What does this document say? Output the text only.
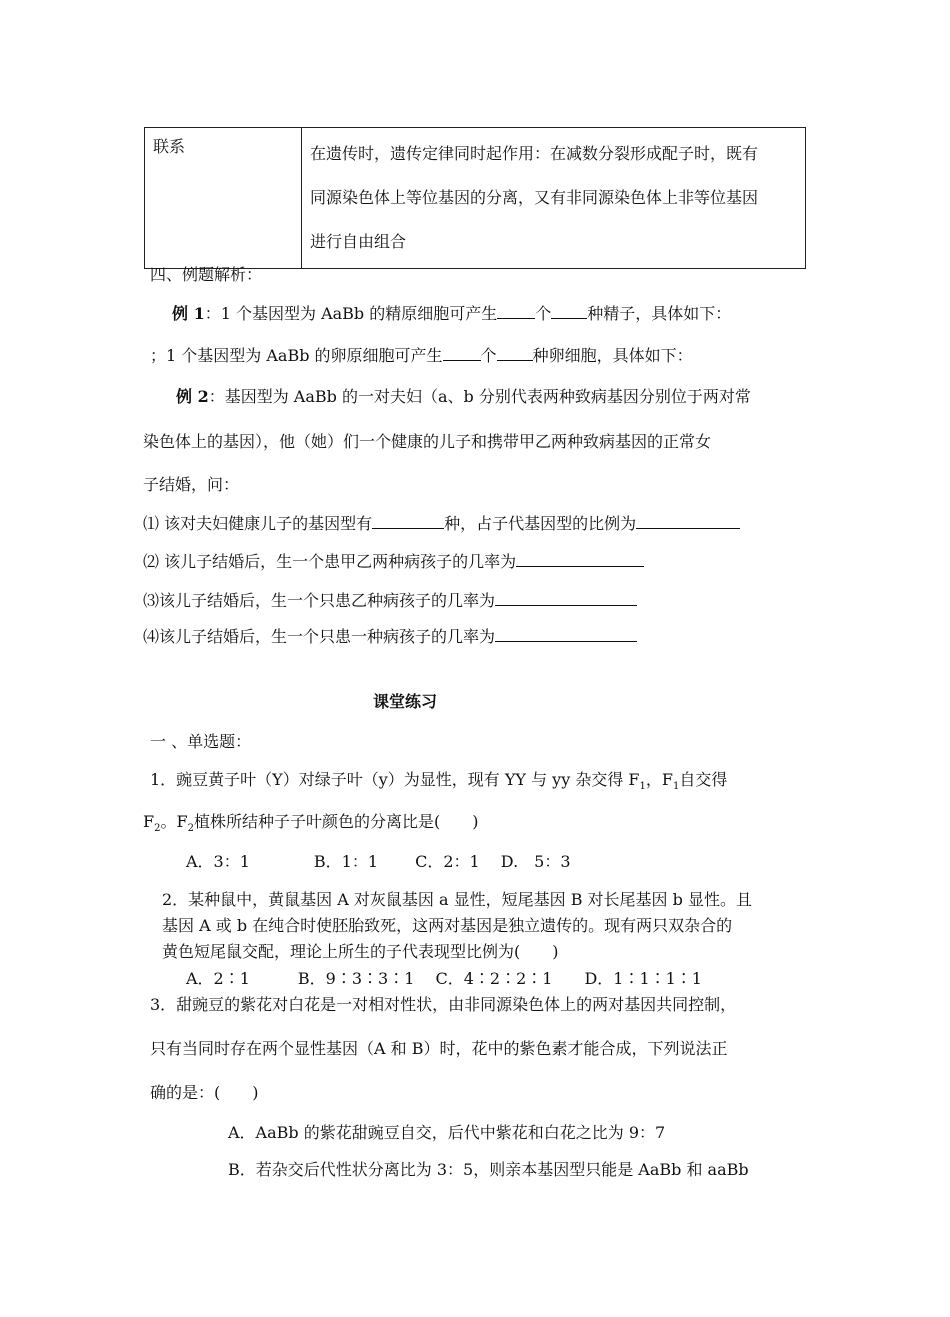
联系	在遗传时，遗传定律同时起作用：在减数分裂形成配子时，既有
同源染色体上等位基因的分离，又有非同源染色体上非等位基因
进行自由组合
四、例题解析：
例 1：1 个基因型为 AaBb 的精原细胞可产生 个 种精子，具体如下：
；1 个基因型为 AaBb 的卵原细胞可产生 个 种卵细胞，具体如下：
例 2：基因型为 AaBb 的一对夫妇（a、b 分别代表两种致病基因分别位于两对常
染色体上的基因），他（她）们一个健康的儿子和携带甲乙两种致病基因的正常女
子结婚，问：
⑴ 该对夫妇健康儿子的基因型有	种，占子代基因型的比例为
⑵ 该儿子结婚后，生一个患甲乙两种病孩子的几率为
⑶该儿子结婚后，生一个只患乙种病孩子的几率为
⑷该儿子结婚后，生一个只患一种病孩子的几率为
课堂练习
一 、单选题：
1．豌豆黄子叶（Y）对绿子叶（y）为显性，现有 YY 与 yy 杂交得 $F_1$，$F_1$自交得
$F_2$。$F_2$植株所结种子子叶颜色的分离比是(　　)
A．3：1　　　　B．1：1　　 C．2：1　 D.　5：3
2．某种鼠中，黄鼠基因 A 对灰鼠基因 a 显性，短尾基因 B 对长尾基因 b 显性。且
基因 A 或 b 在纯合时使胚胎致死，这两对基因是独立遗传的。现有两只双杂合的
黄色短尾鼠交配，理论上所生的子代表现型比例为(　　)
A．2∶1　　　B．9∶3∶3∶1　 C．4∶2∶2∶1　　D．1∶1∶1∶1
3．甜豌豆的紫花对白花是一对相对性状，由非同源染色体上的两对基因共同控制，
只有当同时存在两个显性基因（A 和 B）时，花中的紫色素才能合成，下列说法正
确的是：(　　)
A．AaBb 的紫花甜豌豆自交，后代中紫花和白花之比为 9：7
B．若杂交后代性状分离比为 3：5，则亲本基因型只能是 AaBb 和 aaBb
